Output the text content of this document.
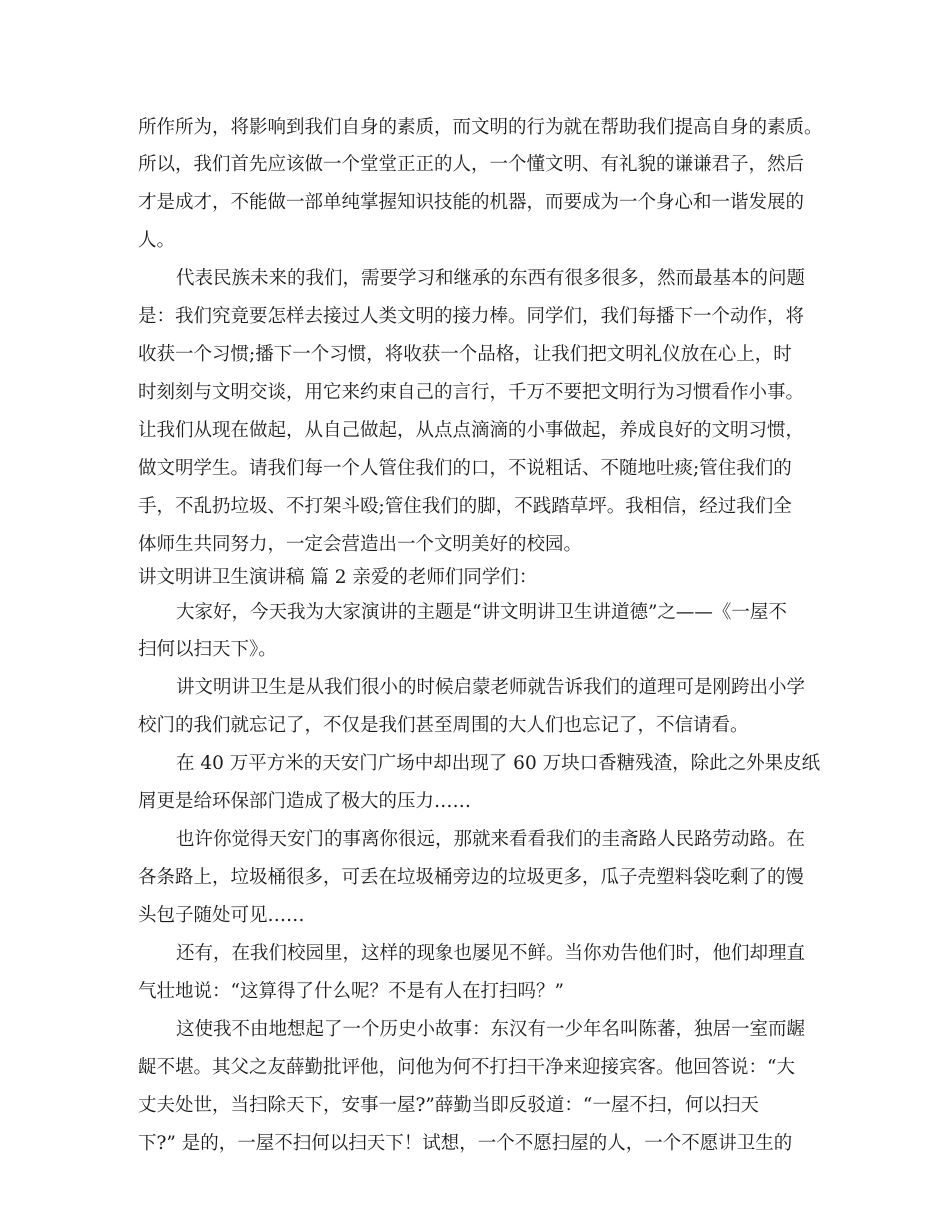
所作所为，将影响到我们自身的素质，而文明的行为就在帮助我们提高自身的素质。
所以，我们首先应该做一个堂堂正正的人，一个懂文明、有礼貌的谦谦君子，然后
才是成才，不能做一部单纯掌握知识技能的机器，而要成为一个身心和一谐发展的
人。
代表民族未来的我们，需要学习和继承的东西有很多很多，然而最基本的问题
是：我们究竟要怎样去接过人类文明的接力棒。同学们，我们每播下一个动作，将
收获一个习惯;播下一个习惯，将收获一个品格，让我们把文明礼仪放在心上，时
时刻刻与文明交谈，用它来约束自己的言行，千万不要把文明行为习惯看作小事。
让我们从现在做起，从自己做起，从点点滴滴的小事做起，养成良好的文明习惯，
做文明学生。请我们每一个人管住我们的口，不说粗话、不随地吐痰;管住我们的
手，不乱扔垃圾、不打架斗殴;管住我们的脚，不践踏草坪。我相信，经过我们全
体师生共同努力，一定会营造出一个文明美好的校园。
讲文明讲卫生演讲稿 篇 2 亲爱的老师们同学们：
大家好，今天我为大家演讲的主题是“讲文明讲卫生讲道德”之——《一屋不
扫何以扫天下》。
讲文明讲卫生是从我们很小的时候启蒙老师就告诉我们的道理可是刚跨出小学
校门的我们就忘记了，不仅是我们甚至周围的大人们也忘记了，不信请看。
在 40 万平方米的天安门广场中却出现了 60 万块口香糖残渣，除此之外果皮纸
屑更是给环保部门造成了极大的压力……
也许你觉得天安门的事离你很远，那就来看看我们的圭斋路人民路劳动路。在
各条路上，垃圾桶很多，可丢在垃圾桶旁边的垃圾更多，瓜子壳塑料袋吃剩了的馒
头包子随处可见……
还有，在我们校园里，这样的现象也屡见不鲜。当你劝告他们时，他们却理直
气壮地说：“这算得了什么呢？不是有人在打扫吗？”
这使我不由地想起了一个历史小故事：东汉有一少年名叫陈蕃，独居一室而龌
龊不堪。其父之友薛勤批评他，问他为何不打扫干净来迎接宾客。他回答说：“大
丈夫处世，当扫除天下，安事一屋?”薛勤当即反驳道：“一屋不扫，何以扫天
下?” 是的，一屋不扫何以扫天下！试想，一个不愿扫屋的人，一个不愿讲卫生的
